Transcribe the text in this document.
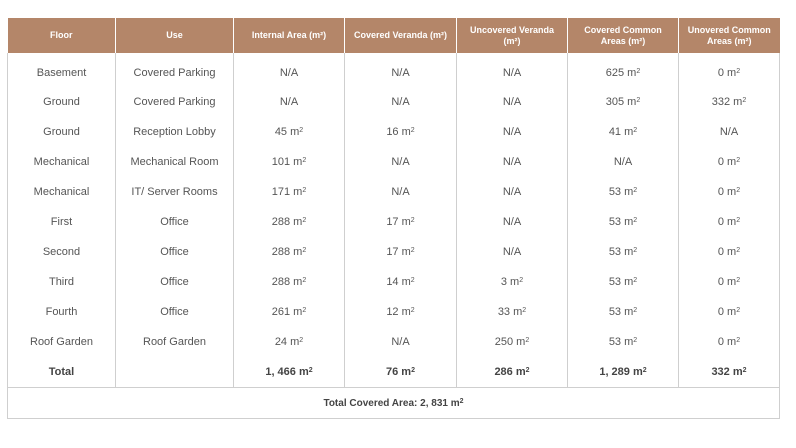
Floor	Use	Internal Area (m²)	Covered Veranda (m²)	Uncovered Veranda (m²)	Covered Common Areas (m²)	Unovered Common Areas (m²)
Basement	Covered Parking	N/A	N/A	N/A	625 $m^2$	0 $m^2$
Ground	Covered Parking	N/A	N/A	N/A	305 $m^2$	332 $m^2$
Ground	Reception Lobby	45 $m^2$	16 $m^2$	N/A	41 $m^2$	N/A
Mechanical	Mechanical Room	101 $m^2$	N/A	N/A	N/A	0 $m^2$
Mechanical	IT/ Server Rooms	171 $m^2$	N/A	N/A	53 $m^2$	0 $m^2$
First	Office	288 $m^2$	17 $m^2$	N/A	53 $m^2$	0 $m^2$
Second	Office	288 $m^2$	17 $m^2$	N/A	53 $m^2$	0 $m^2$
Third	Office	288 $m^2$	14 $m^2$	3 $m^2$	53 $m^2$	0 $m^2$
Fourth	Office	261 $m^2$	12 $m^2$	33 $m^2$	53 $m^2$	0 $m^2$
Roof Garden	Roof Garden	24 $m^2$	N/A	250 $m^2$	53 $m^2$	0 $m^2$
Total		1, 466 $m^2$	76 $m^2$	286 $m^2$	1, 289 $m^2$	332 $m^2$
Total Covered Area: 2, 831 $m^2$
